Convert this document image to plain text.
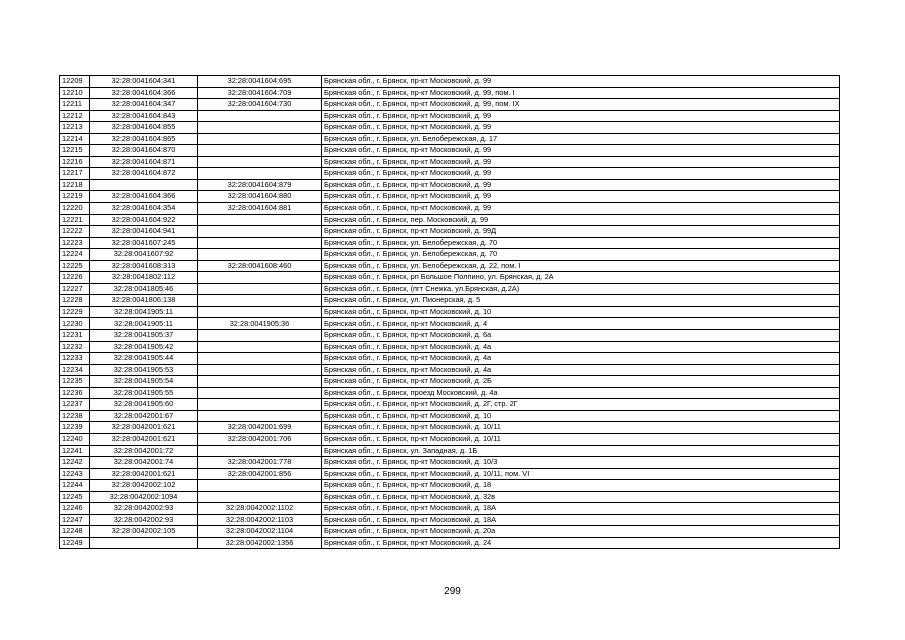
12209	32:28:0041604:341	32:28:0041604:695	Брянская обл., г. Брянск, пр-кт Московский, д. 99
12210	32:28:0041604:366	32:28:0041604:709	Брянская обл., г. Брянск, пр-кт Московский, д. 99, пом. I
12211	32:28:0041604:347	32:28:0041604:730	Брянская обл., г. Брянск, пр-кт Московский, д. 99, пом. IX
12212	32:28:0041604:843		Брянская обл., г. Брянск, пр-кт Московский, д. 99
12213	32:28:0041604:855		Брянская обл., г. Брянск, пр-кт Московский, д. 99
12214	32:28:0041604:865		Брянская обл., г. Брянск, ул. Белобережская, д. 17
12215	32:28:0041604:870		Брянская обл., г. Брянск, пр-кт Московский, д. 99
12216	32:28:0041604:871		Брянская обл., г. Брянск, пр-кт Московский, д. 99
12217	32:28:0041604:872		Брянская обл., г. Брянск, пр-кт Московский, д. 99
12218		32:28:0041604:879	Брянская обл., г. Брянск, пр-кт Московский, д. 99
12219	32:28:0041604:366	32:28:0041604:880	Брянская обл., г. Брянск, пр-кт Московский, д. 99
12220	32:28:0041604:354	32:28:0041604:881	Брянская обл., г. Брянск, пр-кт Московский, д. 99
12221	32:28:0041604:922		Брянская обл., г. Брянск, пер. Московский, д. 99
12222	32:28:0041604:941		Брянская обл., г. Брянск, пр-кт Московский, д. 99Д
12223	32:28:0041607:245		Брянская обл., г. Брянск, ул. Белобережская, д. 70
12224	32:28:0041607:92		Брянская обл., г. Брянск, ул. Белобережская, д. 70
12225	32:28:0041608:313	32:28:0041608:460	Брянская обл., г. Брянск, ул. Белобережская, д. 22, пом. I
12226	32:28:0041802:112		Брянская обл., г. Брянск, рп Большое Полпино, ул. Брянская, д. 2А
12227	32:28:0041805:46		Брянская обл., г. Брянск, (пгт Снежка, ул.Брянская, д.2А)
12228	32:28:0041806:138		Брянская обл., г. Брянск, ул. Пионерская, д. 5
12229	32:28:0041905:11		Брянская обл., г. Брянск, пр-кт Московский, д. 10
12230	32:28:0041905:11	32:28:0041905:36	Брянская обл., г. Брянск, пр-кт Московский, д. 4
12231	32:28:0041905:37		Брянская обл., г. Брянск, пр-кт Московский, д. 6а
12232	32:28:0041905:42		Брянская обл., г. Брянск, пр-кт Московский, д. 4а
12233	32:28:0041905:44		Брянская обл., г. Брянск, пр-кт Московский, д. 4а
12234	32:28:0041905:53		Брянская обл., г. Брянск, пр-кт Московский, д. 4а
12235	32:28:0041905:54		Брянская обл., г. Брянск, пр-кт Московский, д. 2Б
12236	32:28:0041905:55		Брянская обл., г. Брянск, проезд Московский, д. 4а
12237	32:28:0041905:60		Брянская обл., г. Брянск, пр-кт Московский, д. 2Г, стр. 2Г
12238	32:28:0042001:67		Брянская обл., г. Брянск, пр-кт Московский, д. 10
12239	32:28:0042001:621	32:28:0042001:699	Брянская обл., г. Брянск, пр-кт Московский, д. 10/11
12240	32:28:0042001:621	32:28:0042001:706	Брянская обл., г. Брянск, пр-кт Московский, д. 10/11
12241	32:28:0042001:72		Брянская обл., г. Брянск, ул. Западная, д. 1Б
12242	32:28:0042001:74	32:28:0042001:778	Брянская обл., г. Брянск, пр-кт Московский, д. 10/3
12243	32:28:0042001:621	32:28:0042001:856	Брянская обл., г. Брянск, пр-кт Московский, д. 10/11, пом. VI
12244	32:28:0042002:102		Брянская обл., г. Брянск, пр-кт Московский, д. 18
12245	32:28:0042002:1094		Брянская обл., г. Брянск, пр-кт Московский, д. 32в
12246	32:28:0042002:93	32:28:0042002:1102	Брянская обл., г. Брянск, пр-кт Московский, д. 18А
12247	32:28:0042002:93	32:28:0042002:1103	Брянская обл., г. Брянск, пр-кт Московский, д. 18А
12248	32:28:0042002:105	32:28:0042002:1104	Брянская обл., г. Брянск, пр-кт Московский, д. 20а
12249		32:28:0042002:1356	Брянская обл., г. Брянск, пр-кт Московский, д. 24
299
